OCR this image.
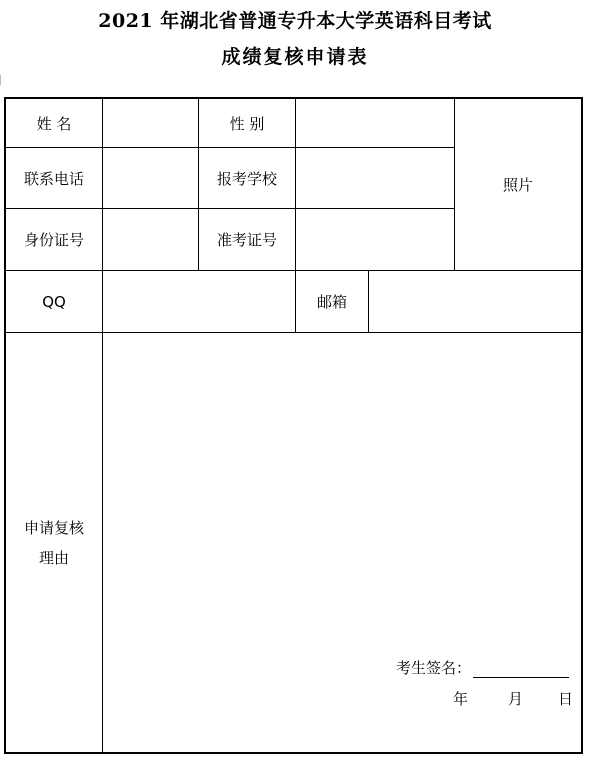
2021 年湖北省普通专升本大学英语科目考试
成绩复核申请表
姓 名	性 别
照片
联系电话	报考学校
身份证号	准考证号
QQ	邮箱
申请复核
理由
考生签名：
年	月 日
